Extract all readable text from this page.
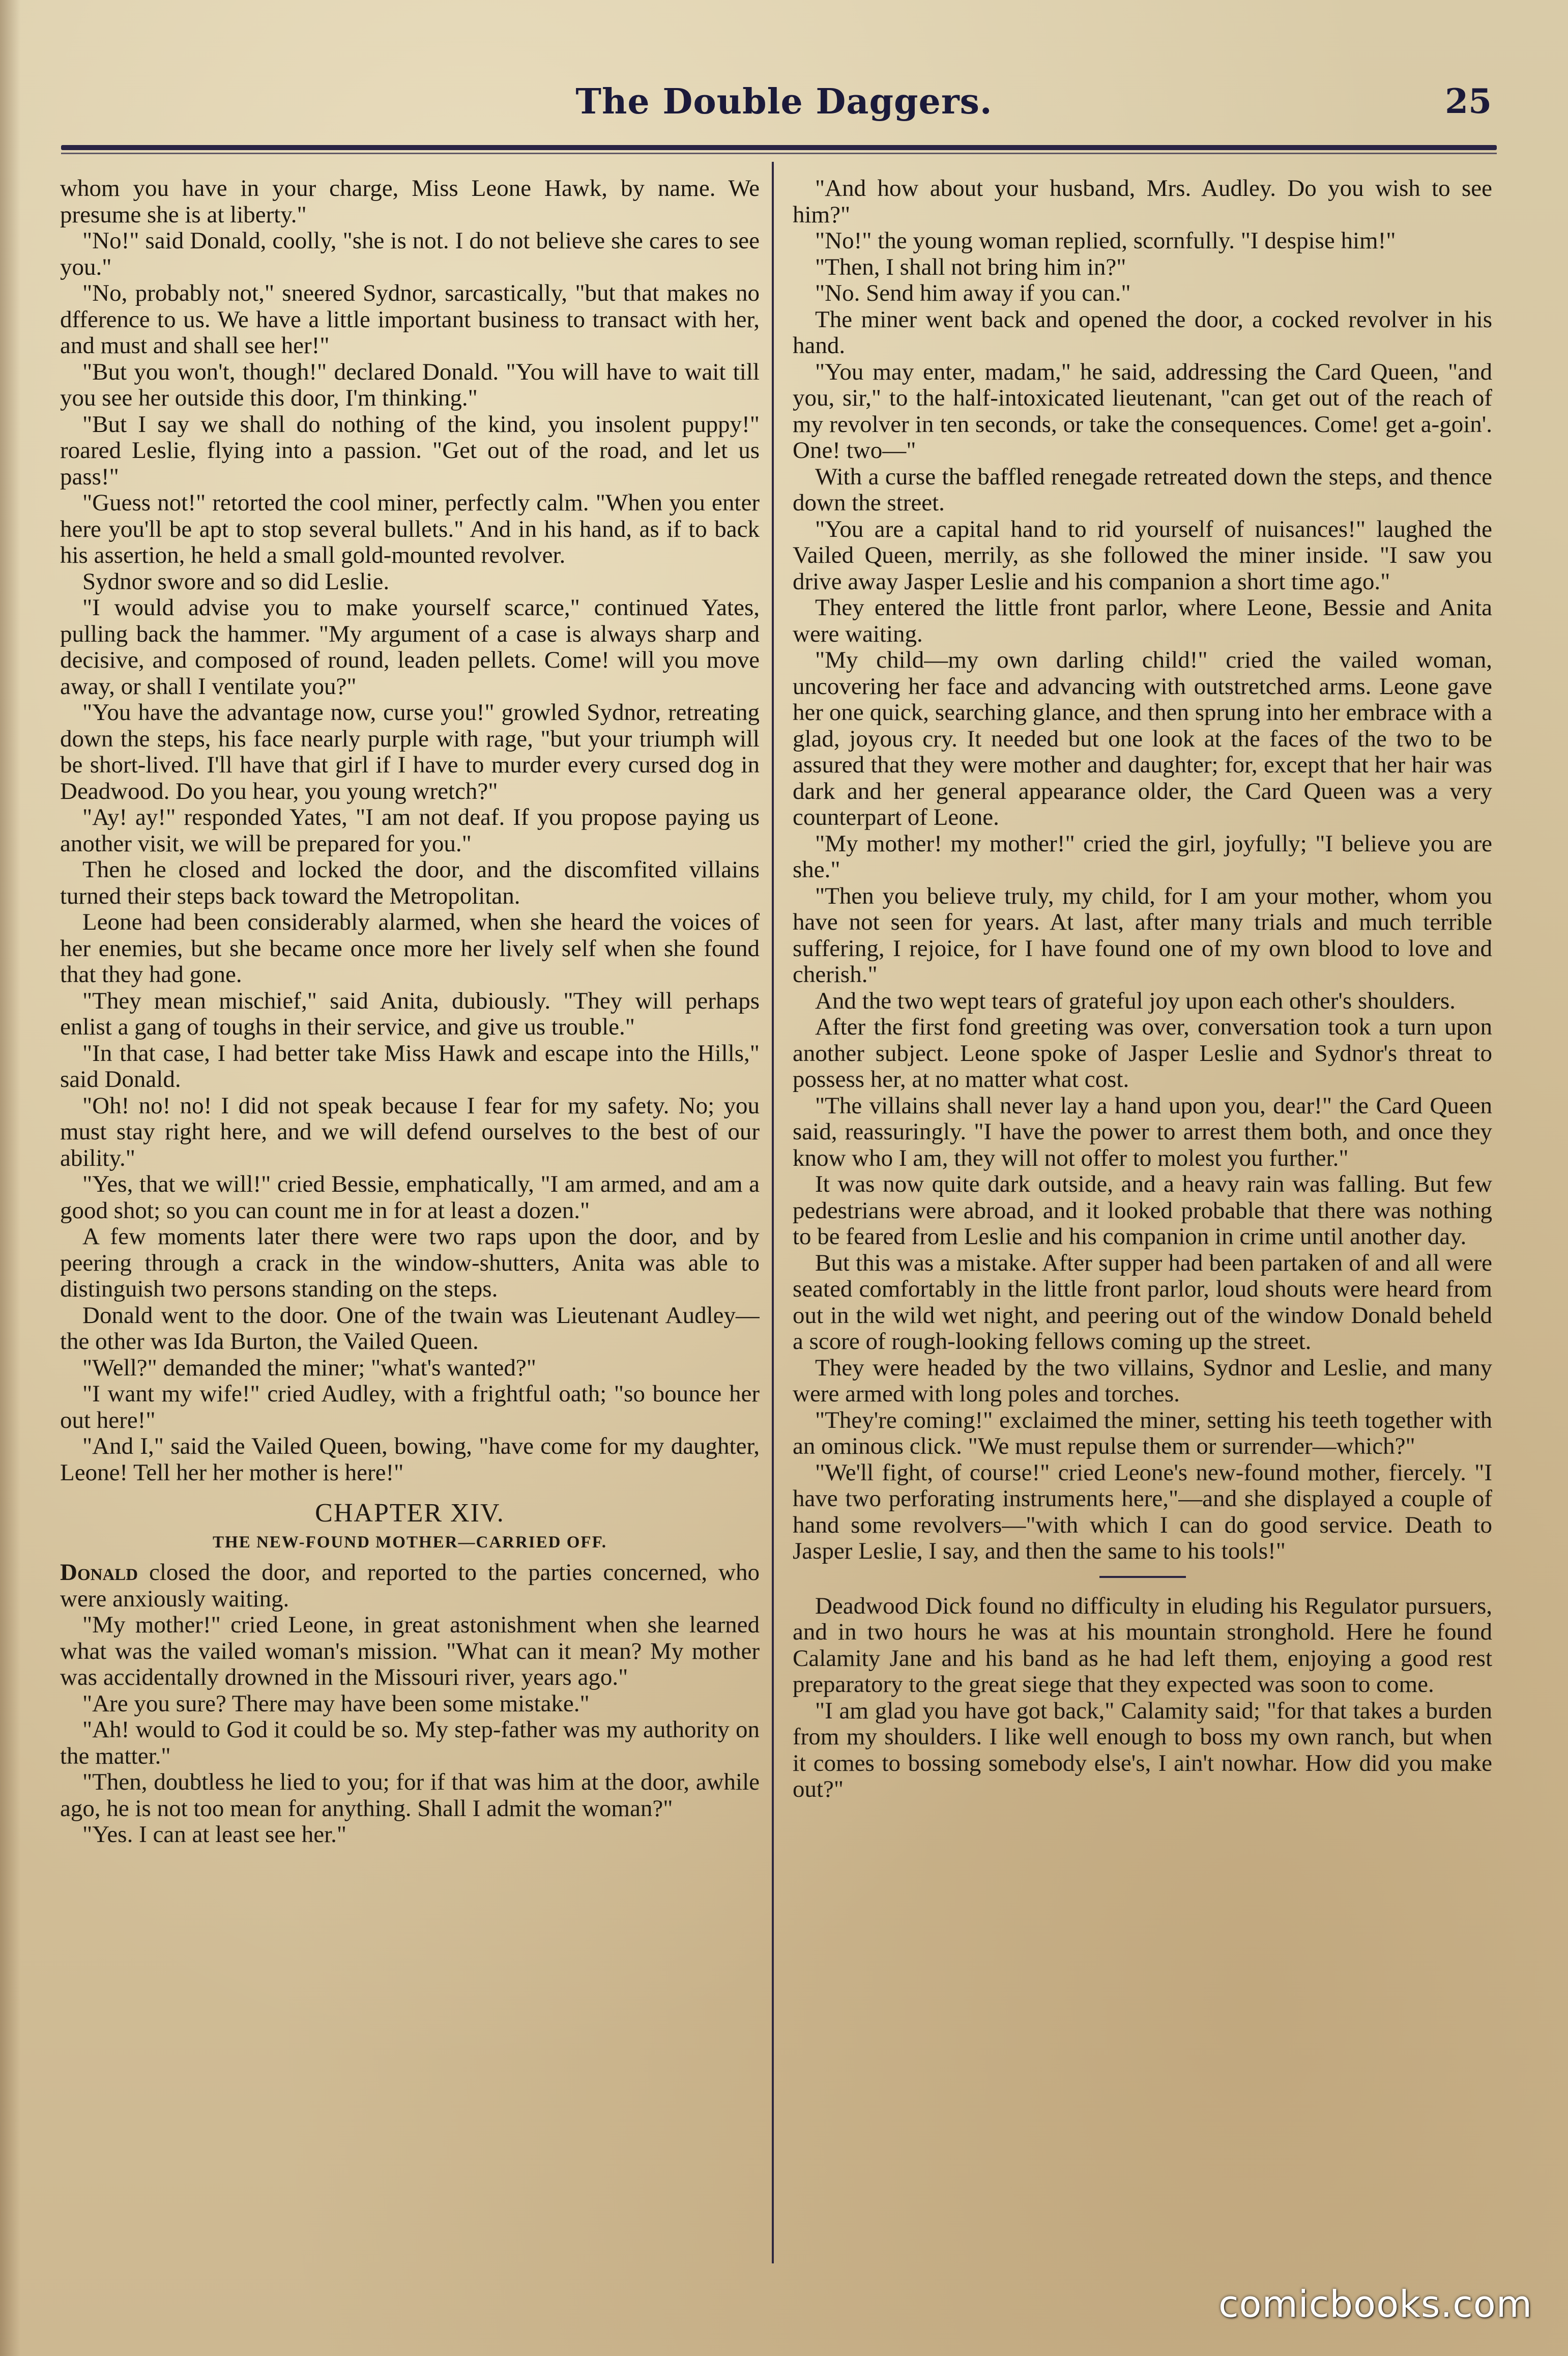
The Double Daggers.	25

whom you have in your charge, Miss Leone Hawk, by name. We presume she is at liberty."

"No!" said Donald, coolly, "she is not. I do not believe she cares to see you."

"No, probably not," sneered Sydnor, sarcastically, "but that makes no dfference to us. We have a little important business to transact with her, and must and shall see her!"

"But you won't, though!" declared Donald. "You will have to wait till you see her outside this door, I'm thinking."

"But I say we shall do nothing of the kind, you insolent puppy!" roared Leslie, flying into a passion. "Get out of the road, and let us pass!"

"Guess not!" retorted the cool miner, perfectly calm. "When you enter here you'll be apt to stop several bullets." And in his hand, as if to back his assertion, he held a small gold-mounted revolver.

Sydnor swore and so did Leslie.

"I would advise you to make yourself scarce," continued Yates, pulling back the hammer. "My argument of a case is always sharp and decisive, and composed of round, leaden pellets. Come! will you move away, or shall I ventilate you?"

"You have the advantage now, curse you!" growled Sydnor, retreating down the steps, his face nearly purple with rage, "but your triumph will be short-lived. I'll have that girl if I have to murder every cursed dog in Deadwood. Do you hear, you young wretch?"

"Ay! ay!" responded Yates, "I am not deaf. If you propose paying us another visit, we will be prepared for you."

Then he closed and locked the door, and the discomfited villains turned their steps back toward the Metropolitan.

Leone had been considerably alarmed, when she heard the voices of her enemies, but she became once more her lively self when she found that they had gone.

"They mean mischief," said Anita, dubiously. "They will perhaps enlist a gang of toughs in their service, and give us trouble."

"In that case, I had better take Miss Hawk and escape into the Hills," said Donald.

"Oh! no! no! I did not speak because I fear for my safety. No; you must stay right here, and we will defend ourselves to the best of our ability."

"Yes, that we will!" cried Bessie, emphatically, "I am armed, and am a good shot; so you can count me in for at least a dozen."

A few moments later there were two raps upon the door, and by peering through a crack in the window-shutters, Anita was able to distinguish two persons standing on the steps.

Donald went to the door. One of the twain was Lieutenant Audley—the other was Ida Burton, the Vailed Queen.

"Well?" demanded the miner; "what's wanted?"

"I want my wife!" cried Audley, with a frightful oath; "so bounce her out here!"

"And I," said the Vailed Queen, bowing, "have come for my daughter, Leone! Tell her her mother is here!"

CHAPTER XIV.
THE NEW-FOUND MOTHER—CARRIED OFF.

Donald closed the door, and reported to the parties concerned, who were anxiously waiting.

"My mother!" cried Leone, in great astonishment when she learned what was the vailed woman's mission. "What can it mean? My mother was accidentally drowned in the Missouri river, years ago."

"Are you sure? There may have been some mistake."

"Ah! would to God it could be so. My step-father was my authority on the matter."

"Then, doubtless he lied to you; for if that was him at the door, awhile ago, he is not too mean for anything. Shall I admit the woman?"

"Yes. I can at least see her."

"And how about your husband, Mrs. Audley. Do you wish to see him?"

"No!" the young woman replied, scornfully. "I despise him!"

"Then, I shall not bring him in?"

"No. Send him away if you can."

The miner went back and opened the door, a cocked revolver in his hand.

"You may enter, madam," he said, addressing the Card Queen, "and you, sir," to the half-intoxicated lieutenant, "can get out of the reach of my revolver in ten seconds, or take the consequences. Come! get a-goin'. One! two—"

With a curse the baffled renegade retreated down the steps, and thence down the street.

"You are a capital hand to rid yourself of nuisances!" laughed the Vailed Queen, merrily, as she followed the miner inside. "I saw you drive away Jasper Leslie and his companion a short time ago."

They entered the little front parlor, where Leone, Bessie and Anita were waiting.

"My child—my own darling child!" cried the vailed woman, uncovering her face and advancing with outstretched arms. Leone gave her one quick, searching glance, and then sprung into her embrace with a glad, joyous cry. It needed but one look at the faces of the two to be assured that they were mother and daughter; for, except that her hair was dark and her general appearance older, the Card Queen was a very counterpart of Leone.

"My mother! my mother!" cried the girl, joyfully; "I believe you are she."

"Then you believe truly, my child, for I am your mother, whom you have not seen for years. At last, after many trials and much terrible suffering, I rejoice, for I have found one of my own blood to love and cherish."

And the two wept tears of grateful joy upon each other's shoulders.

After the first fond greeting was over, conversation took a turn upon another subject. Leone spoke of Jasper Leslie and Sydnor's threat to possess her, at no matter what cost.

"The villains shall never lay a hand upon you, dear!" the Card Queen said, reassuringly. "I have the power to arrest them both, and once they know who I am, they will not offer to molest you further."

It was now quite dark outside, and a heavy rain was falling. But few pedestrians were abroad, and it looked probable that there was nothing to be feared from Leslie and his companion in crime until another day.

But this was a mistake. After supper had been partaken of and all were seated comfortably in the little front parlor, loud shouts were heard from out in the wild wet night, and peering out of the window Donald beheld a score of rough-looking fellows coming up the street.

They were headed by the two villains, Sydnor and Leslie, and many were armed with long poles and torches.

"They're coming!" exclaimed the miner, setting his teeth together with an ominous click. "We must repulse them or surrender—which?"

"We'll fight, of course!" cried Leone's new-found mother, fiercely. "I have two perforating instruments here,"—and she displayed a couple of hand some revolvers—"with which I can do good service. Death to Jasper Leslie, I say, and then the same to his tools!"

Deadwood Dick found no difficulty in eluding his Regulator pursuers, and in two hours he was at his mountain stronghold. Here he found Calamity Jane and his band as he had left them, enjoying a good rest preparatory to the great siege that they expected was soon to come.

"I am glad you have got back," Calamity said; "for that takes a burden from my shoulders. I like well enough to boss my own ranch, but when it comes to bossing somebody else's, I ain't nowhar. How did you make out?"

comicbooks.com
